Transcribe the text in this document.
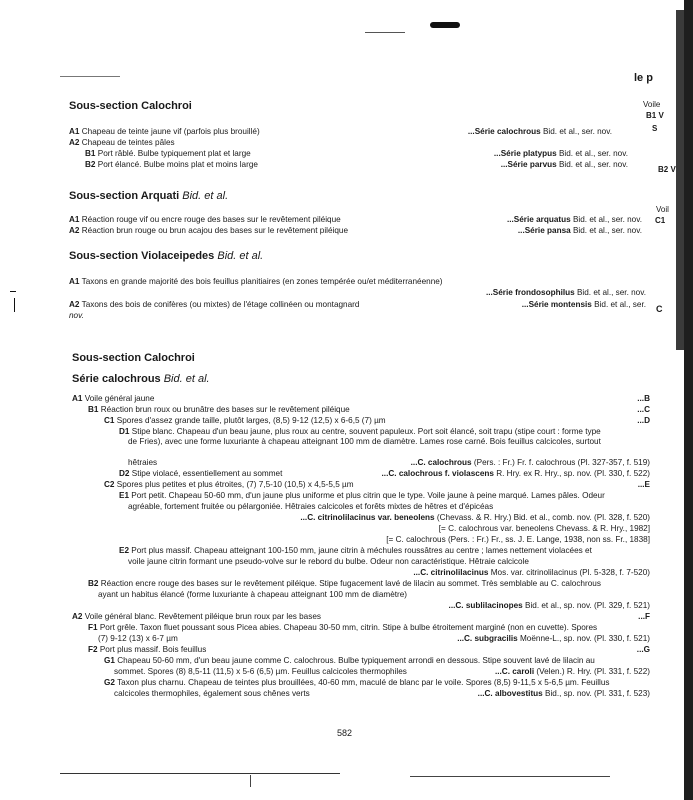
le p
Voile
B1 V
S
B2 V
Voil
C1
C
Sous-section Calochroi
A1 Chapeau de teinte jaune vif (parfois plus brouillé)	...Série calochrous Bid. et al., ser. nov.
A2 Chapeau de teintes pâles
B1 Port râblé. Bulbe typiquement plat et large	...Série platypus Bid. et al., ser. nov.
B2 Port élancé. Bulbe moins plat et moins large	...Série parvus Bid. et al., ser. nov.
Sous-section Arquati Bid. et al.
A1 Réaction rouge vif ou encre rouge des bases sur le revêtement piléique	...Série arquatus Bid. et al., ser. nov.
A2 Réaction brun rouge ou brun acajou des bases sur le revêtement piléique	...Série pansa Bid. et al., ser. nov.
Sous-section Violaceipedes Bid. et al.
A1 Taxons en grande majorité des bois feuillus planitiaires (en zones tempérée ou/et méditerranéenne)
...Série frondosophilus Bid. et al., ser. nov.
A2 Taxons des bois de conifères (ou mixtes) de l'étage collinéen ou montagnard	...Série montensis Bid. et al., ser.
nov.
Sous-section Calochroi
Série calochrous Bid. et al.
A1 Voile général jaune	...B
B1 Réaction brun roux ou brunâtre des bases sur le revêtement piléique	...C
C1 Spores d'assez grande taille, plutôt larges, (8,5) 9-12 (12,5) x 6-6,5 (7) µm	...D
D1 Stipe blanc. Chapeau d'un beau jaune, plus roux au centre, souvent papuleux. Port soit élancé, soit trapu (stipe court : forme type
de Fries), avec une forme luxuriante à chapeau atteignant 100 mm de diamètre. Lames rose carné. Bois feuillus calcicoles, surtout
hêtraies	...C. calochrous (Pers. : Fr.) Fr. f. calochrous (Pl. 327-357, f. 519)
D2 Stipe violacé, essentiellement au sommet	...C. calochrous f. violascens R. Hry. ex R. Hry., sp. nov. (Pl. 330, f. 522)
C2 Spores plus petites et plus étroites, (7) 7,5-10 (10,5) x 4,5-5,5 µm	...E
E1 Port petit. Chapeau 50-60 mm, d'un jaune plus uniforme et plus citrin que le type. Voile jaune à peine marqué. Lames pâles. Odeur
agréable, fortement fruitée ou pélargoniée. Hêtraies calcicoles et forêts mixtes de hêtres et d'épicéas
...C. citrinolilacinus var. beneolens (Chevass. & R. Hry.) Bid. et al., comb. nov. (Pl. 328, f. 520)
[= C. calochrous var. beneolens Chevass. & R. Hry., 1982]
[= C. calochrous (Pers. : Fr.) Fr., ss. J. E. Lange, 1938, non ss. Fr., 1838]
E2 Port plus massif. Chapeau atteignant 100-150 mm, jaune citrin à méchules roussâtres au centre ; lames nettement violacées et
voile jaune citrin formant une pseudo-volve sur le rebord du bulbe. Odeur non caractéristique. Hêtraie calcicole
...C. citrinolilacinus Mos. var. citrinolilacinus (Pl. 5-328, f. 7-520)
B2 Réaction encre rouge des bases sur le revêtement piléique. Stipe fugacement lavé de lilacin au sommet. Très semblable au C. calochrous
ayant un habitus élancé (forme luxuriante à chapeau atteignant 100 mm de diamètre)
...C. sublilacinopes Bid. et al., sp. nov. (Pl. 329, f. 521)
A2 Voile général blanc. Revêtement piléique brun roux par les bases	...F
F1 Port grêle. Taxon fluet poussant sous Picea abies. Chapeau 30-50 mm, citrin. Stipe à bulbe étroitement marginé (non en cuvette). Spores
(7) 9-12 (13) x 6-7 µm	...C. subgracilis Moënne-L., sp. nov. (Pl. 330, f. 521)
F2 Port plus massif. Bois feuillus	...G
G1 Chapeau 50-60 mm, d'un beau jaune comme C. calochrous. Bulbe typiquement arrondi en dessous. Stipe souvent lavé de lilacin au
sommet. Spores (8) 8,5-11 (11,5) x 5-6 (6,5) µm. Feuillus calcicoles thermophiles	...C. caroli (Velen.) R. Hry. (Pl. 331, f. 522)
G2 Taxon plus charnu. Chapeau de teintes plus brouillées, 40-60 mm, maculé de blanc par le voile. Spores (8,5) 9-11,5 x 5-6,5 µm. Feuillus
calcicoles thermophiles, également sous chênes verts	...C. albovestitus Bid., sp. nov. (Pl. 331, f. 523)
582
